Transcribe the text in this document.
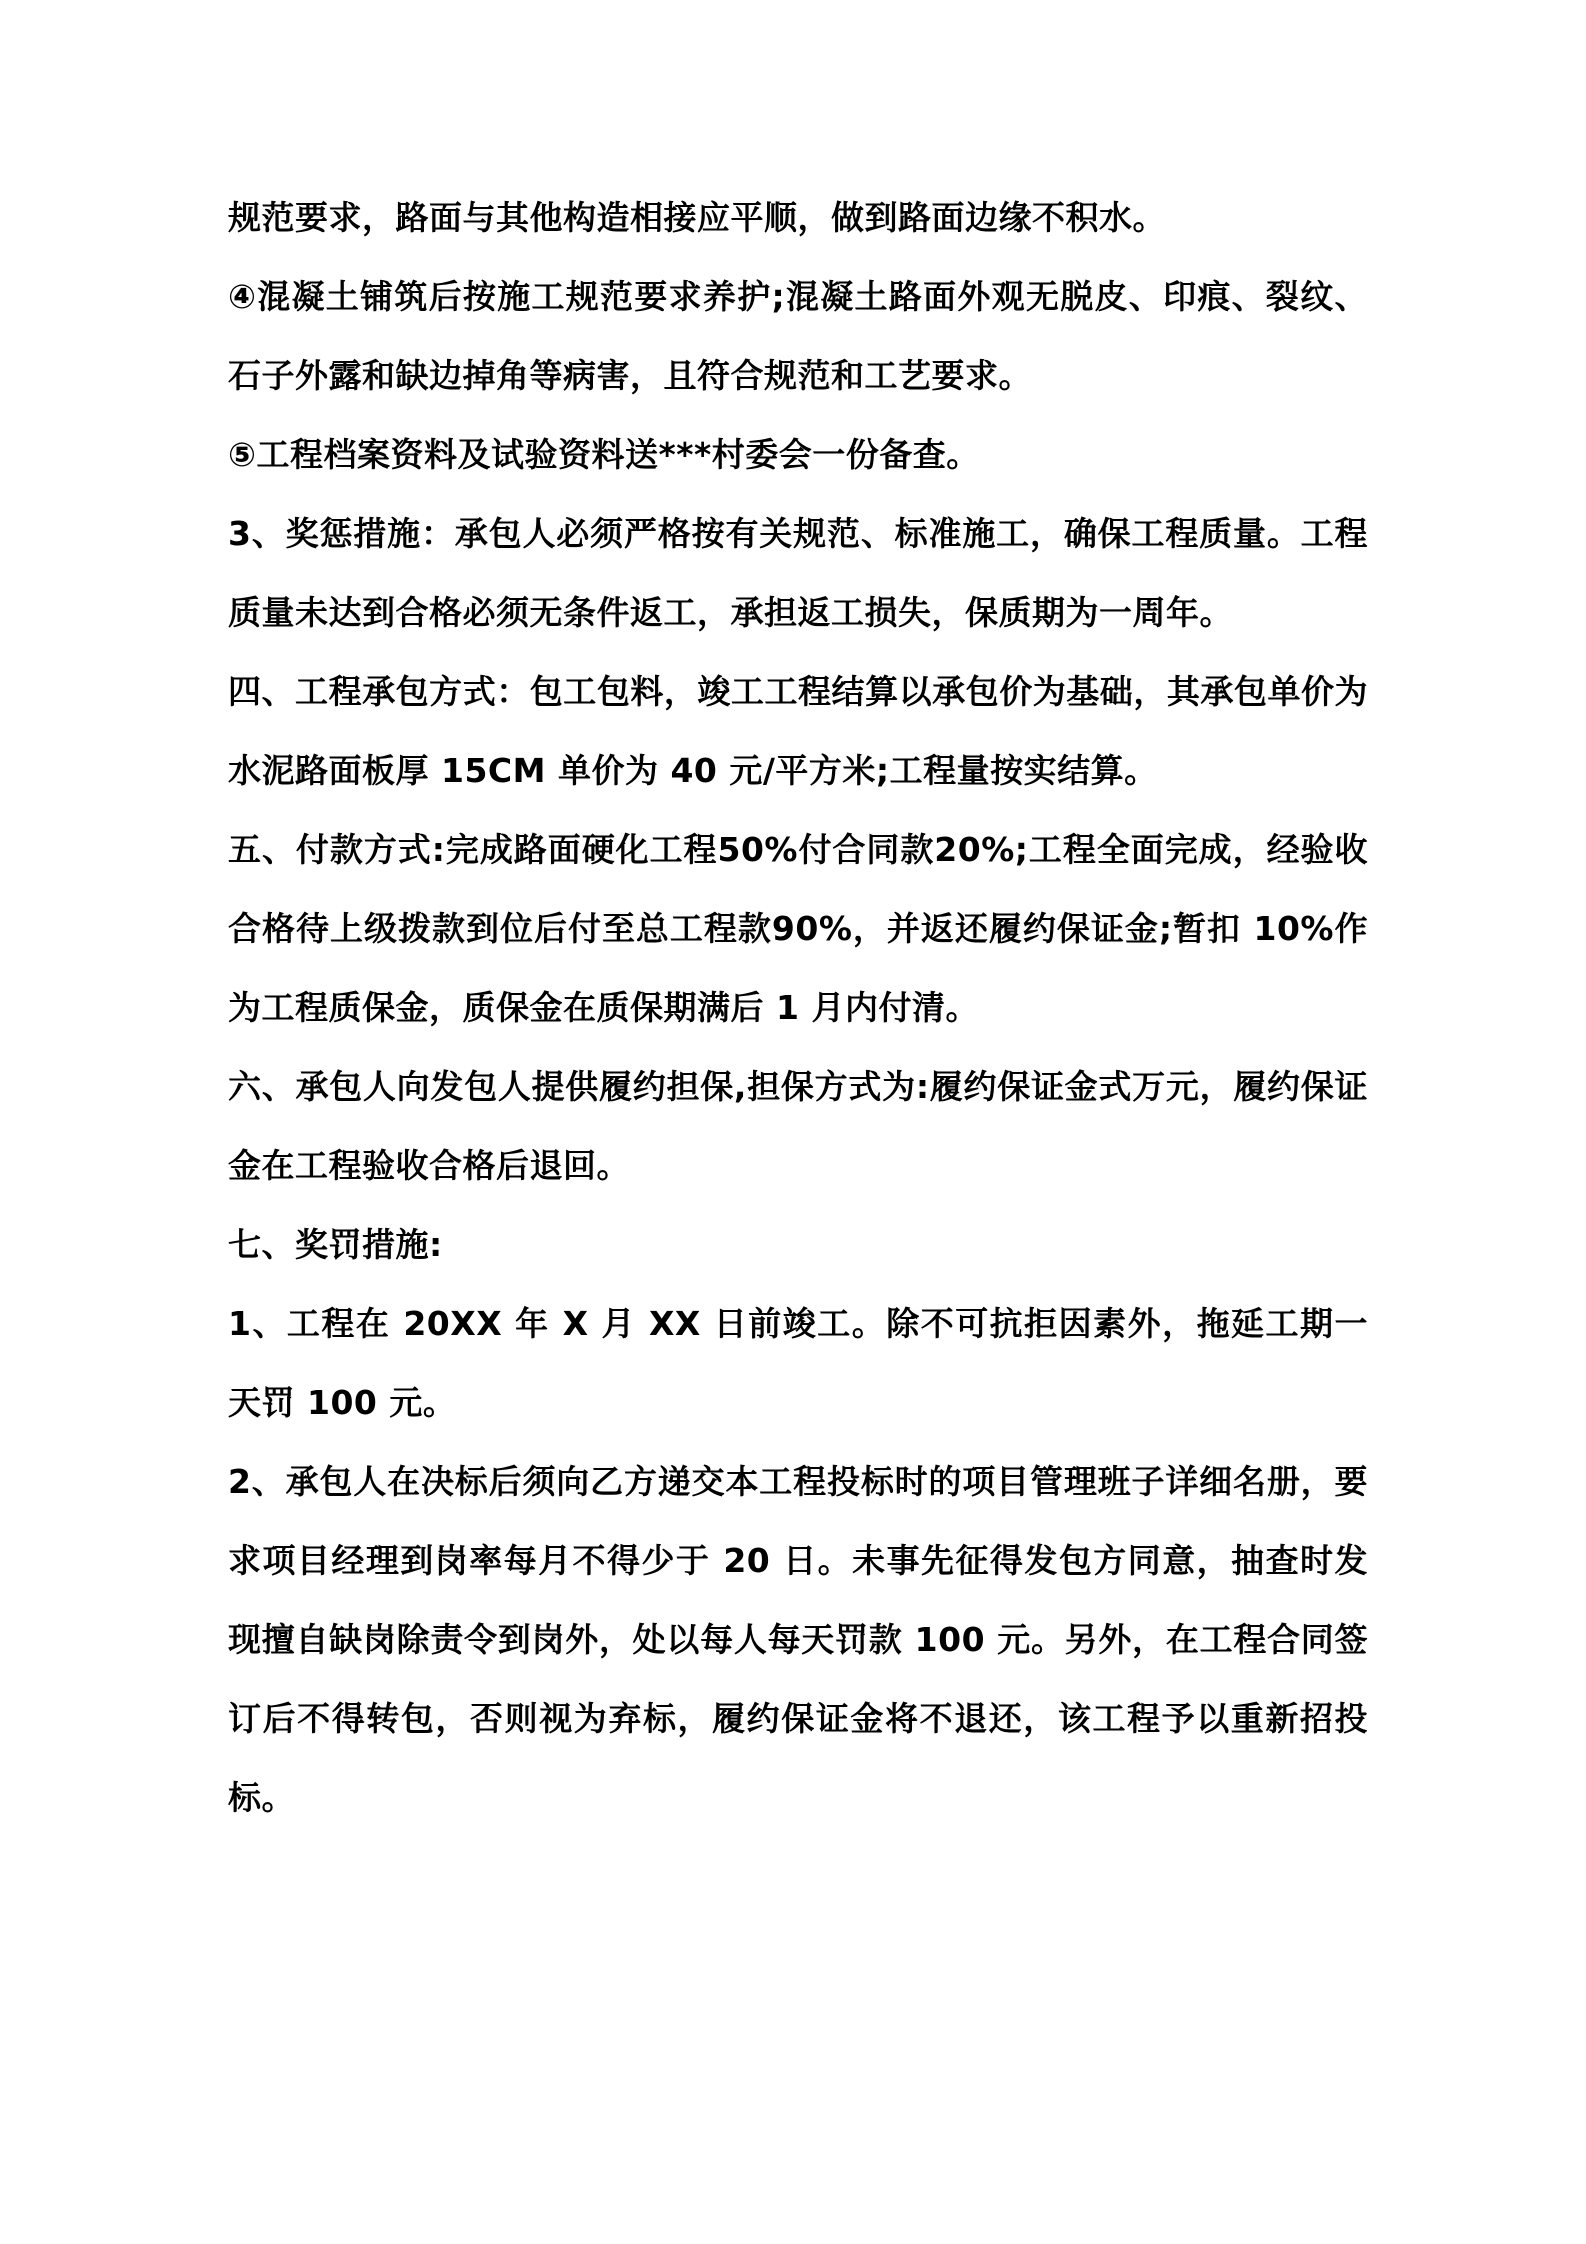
规范要求，路面与其他构造相接应平顺，做到路面边缘不积水。

④混凝土铺筑后按施工规范要求养护;混凝土路面外观无脱皮、印痕、裂纹、石子外露和缺边掉角等病害，且符合规范和工艺要求。

⑤工程档案资料及试验资料送***村委会一份备查。

3、奖惩措施：承包人必须严格按有关规范、标准施工，确保工程质量。工程质量未达到合格必须无条件返工，承担返工损失，保质期为一周年。

四、工程承包方式：包工包料，竣工工程结算以承包价为基础，其承包单价为水泥路面板厚 15CM 单价为 40 元/平方米;工程量按实结算。

五、付款方式:完成路面硬化工程50%付合同款20%;工程全面完成，经验收合格待上级拨款到位后付至总工程款90%，并返还履约保证金;暂扣 10%作为工程质保金，质保金在质保期满后 1 月内付清。

六、承包人向发包人提供履约担保,担保方式为:履约保证金式万元，履约保证金在工程验收合格后退回。

七、奖罚措施:

1、工程在 20XX 年 X 月 XX 日前竣工。除不可抗拒因素外，拖延工期一天罚 100 元。

2、承包人在决标后须向乙方递交本工程投标时的项目管理班子详细名册，要求项目经理到岗率每月不得少于 20 日。未事先征得发包方同意，抽查时发现擅自缺岗除责令到岗外，处以每人每天罚款 100 元。另外，在工程合同签订后不得转包，否则视为弃标，履约保证金将不退还，该工程予以重新招投标。
